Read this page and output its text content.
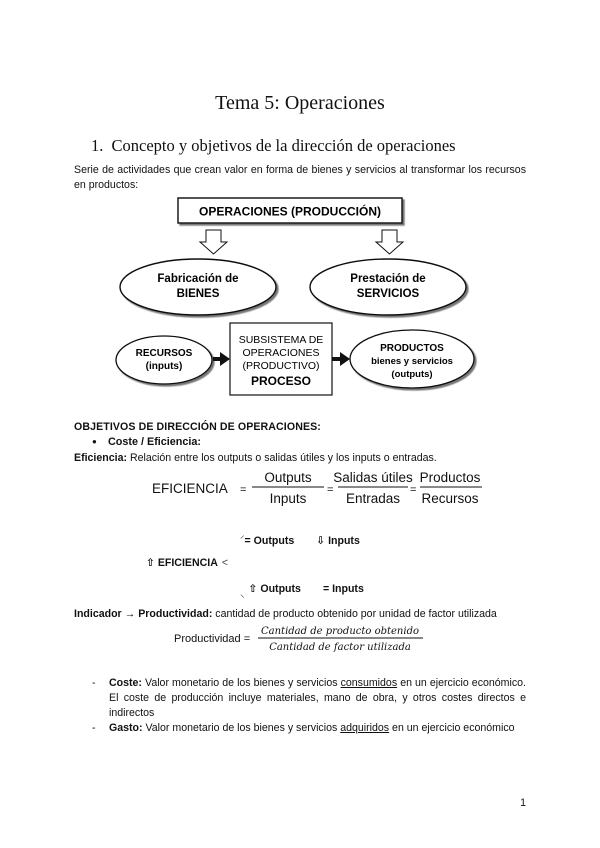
Tema 5: Operaciones
1. Concepto y objetivos de la dirección de operaciones
Serie de actividades que crean valor en forma de bienes y servicios al transformar los recursos en productos:
OPERACIONES (PRODUCCIÓN)
Fabricación de
BIENES
Prestación de
SERVICIOS
RECURSOS
(inputs)
SUBSISTEMA DE
OPERACIONES
(PRODUCTIVO)
PROCESO
PRODUCTOS
bienes y servicios
(outputs)
OBJETIVOS DE DIRECCIÓN DE OPERACIONES:
● Coste / Eficiencia:
Eficiencia: Relación entre los outputs o salidas útiles y los inputs o entradas.
EFICIENCIA =
Outputs
Inputs
=
Salidas útiles
Entradas
=
Productos
Recursos
⸝= Outputs ⇩ Inputs
⇧ EFICIENCIA <
$_⸜$ ⇧ Outputs = Inputs
Indicador → Productividad: cantidad de producto obtenido por unidad de factor utilizada
Productividad =
Cantidad de producto obtenido
Cantidad de factor utilizada
- Coste: Valor monetario de los bienes y servicios consumidos en un ejercicio económico. El coste de producción incluye materiales, mano de obra, y otros costes directos e indirectos
- Gasto: Valor monetario de los bienes y servicios adquiridos en un ejercicio económico
1
